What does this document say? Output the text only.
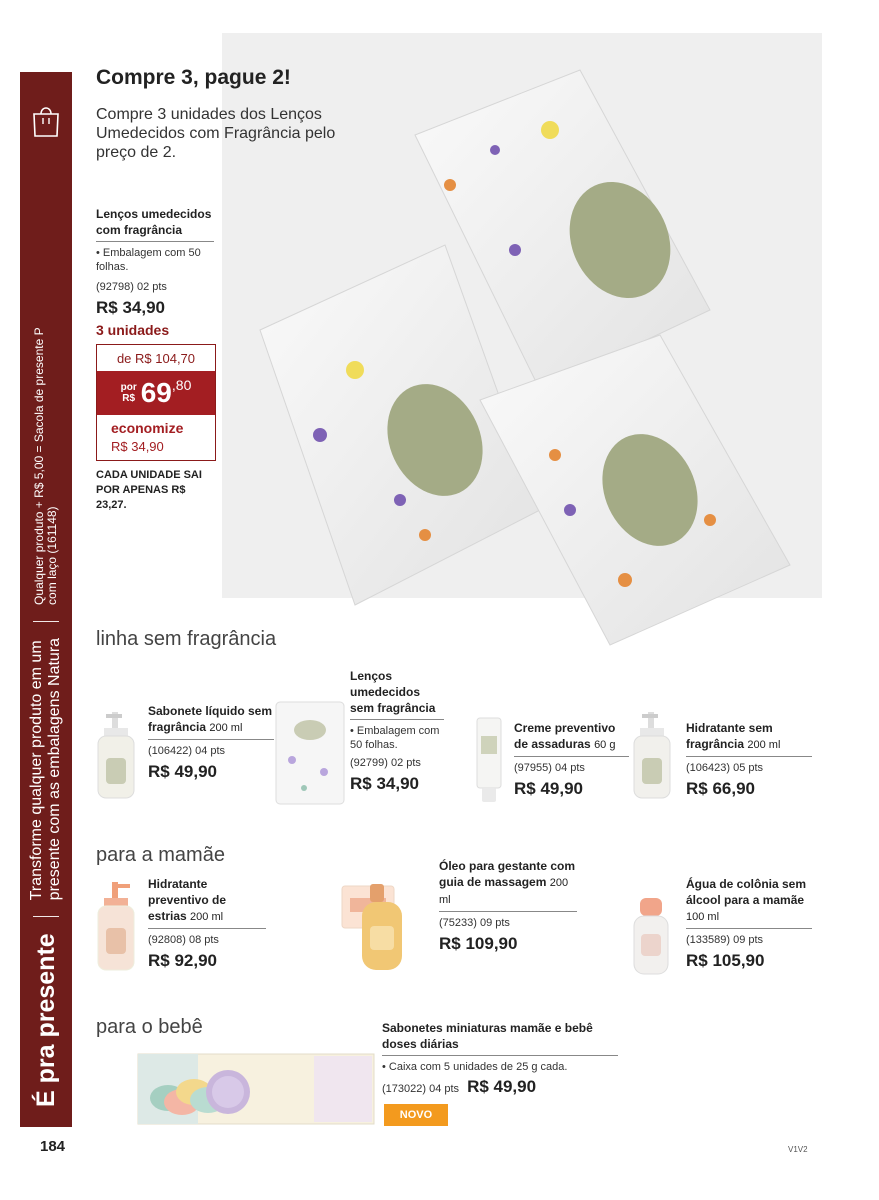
É pra presente
Transforme qualquer produto em um presente com as embalagens Natura
Qualquer produto + R$ 5,00 = Sacola de presente P com laço (161148)
Compre 3, pague 2!
Compre 3 unidades dos Lenços Umedecidos com Fragrância pelo preço de 2.
Lenços umedecidos com fragrância
• Embalagem com 50 folhas.
(92798) 02 pts
R$ 34,90
3 unidades
de R$ 104,70
por
R$ 69 ,80
economize
R$ 34,90
CADA UNIDADE SAI POR APENAS R$ 23,27.
linha sem fragrância
Sabonete líquido sem fragrância 200 ml
(106422) 04 pts
R$ 49,90
Lenços umedecidos sem fragrância
• Embalagem com 50 folhas.
(92799) 02 pts
R$ 34,90
Creme preventivo de assaduras 60 g
(97955) 04 pts
R$ 49,90
Hidratante sem fragrância 200 ml
(106423) 05 pts
R$ 66,90
para a mamãe
Hidratante preventivo de estrias 200 ml
(92808) 08 pts
R$ 92,90
Óleo para gestante com guia de massagem 200 ml
(75233) 09 pts
R$ 109,90
Água de colônia sem álcool para a mamãe 100 ml
(133589) 09 pts
R$ 105,90
para o bebê	Sabonetes miniaturas mamãe e bebê doses diárias
• Caixa com 5 unidades de 25 g cada.
(173022) 04 pts R$ 49,90
NOVO
184	V1V2
